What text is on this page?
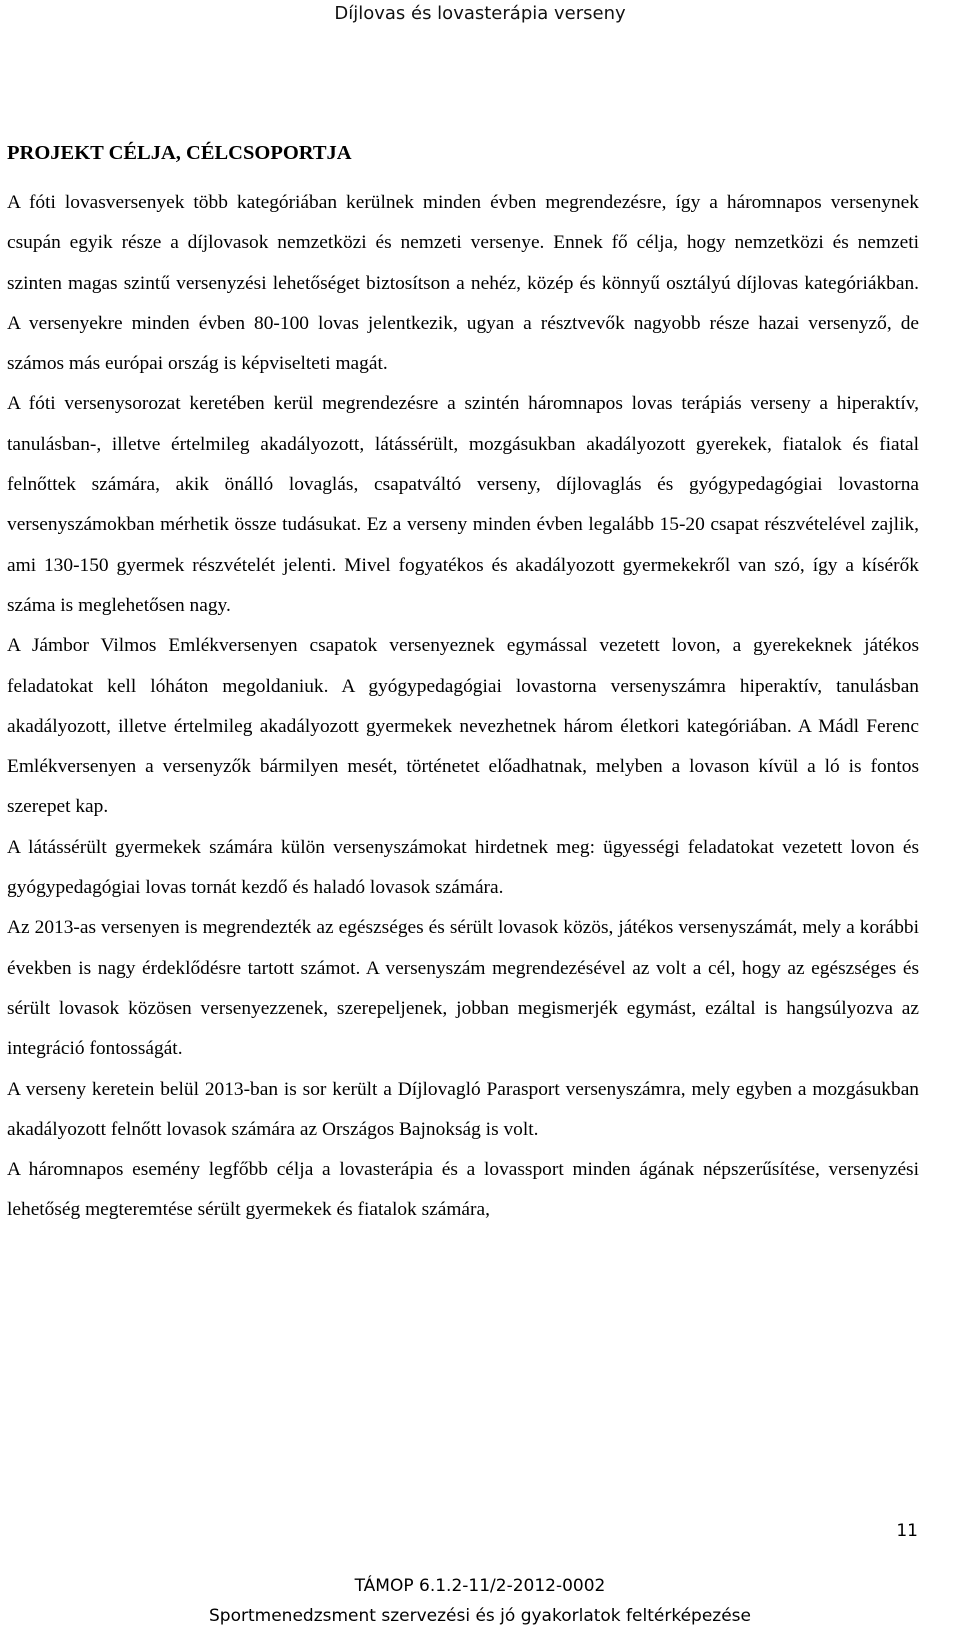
Díjlovas és lovasterápia verseny
PROJEKT CÉLJA, CÉLCSOPORTJA

A fóti lovasversenyek több kategóriában kerülnek minden évben megrendezésre, így a háromnapos versenynek csupán egyik része a díjlovasok nemzetközi és nemzeti versenye. Ennek fő célja, hogy nemzetközi és nemzeti szinten magas szintű versenyzési lehetőséget biztosítson a nehéz, közép és könnyű osztályú díjlovas kategóriákban. A versenyekre minden évben 80-100 lovas jelentkezik, ugyan a résztvevők nagyobb része hazai versenyző, de számos más európai ország is képviselteti magát.

A fóti versenysorozat keretében kerül megrendezésre a szintén háromnapos lovas terápiás verseny a hiperaktív, tanulásban-, illetve értelmileg akadályozott, látássérült, mozgásukban akadályozott gyerekek, fiatalok és fiatal felnőttek számára, akik önálló lovaglás, csapatváltó verseny, díjlovaglás és gyógypedagógiai lovastorna versenyszámokban mérhetik össze tudásukat. Ez a verseny minden évben legalább 15-20 csapat részvételével zajlik, ami 130-150 gyermek részvételét jelenti. Mivel fogyatékos és akadályozott gyermekekről van szó, így a kísérők száma is meglehetősen nagy.

A Jámbor Vilmos Emlékversenyen csapatok versenyeznek egymással vezetett lovon, a gyerekeknek játékos feladatokat kell lóháton megoldaniuk. A gyógypedagógiai lovastorna versenyszámra hiperaktív, tanulásban akadályozott, illetve értelmileg akadályozott gyermekek nevezhetnek három életkori kategóriában. A Mádl Ferenc Emlékversenyen a versenyzők bármilyen mesét, történetet előadhatnak, melyben a lovason kívül a ló is fontos szerepet kap.

A látássérült gyermekek számára külön versenyszámokat hirdetnek meg: ügyességi feladatokat vezetett lovon és gyógypedagógiai lovas tornát kezdő és haladó lovasok számára.

Az 2013-as versenyen is megrendezték az egészséges és sérült lovasok közös, játékos versenyszámát, mely a korábbi években is nagy érdeklődésre tartott számot. A versenyszám megrendezésével az volt a cél, hogy az egészséges és sérült lovasok közösen versenyezzenek, szerepeljenek, jobban megismerjék egymást, ezáltal is hangsúlyozva az integráció fontosságát.

A verseny keretein belül 2013-ban is sor került a Díjlovagló Parasport versenyszámra, mely egyben a mozgásukban akadályozott felnőtt lovasok számára az Országos Bajnokság is volt.

A háromnapos esemény legfőbb célja a lovasterápia és a lovassport minden ágának népszerűsítése, versenyzési lehetőség megteremtése sérült gyermekek és fiatalok számára,

11
TÁMOP 6.1.2-11/2-2012-0002
Sportmenedzsment szervezési és jó gyakorlatok feltérképezése
